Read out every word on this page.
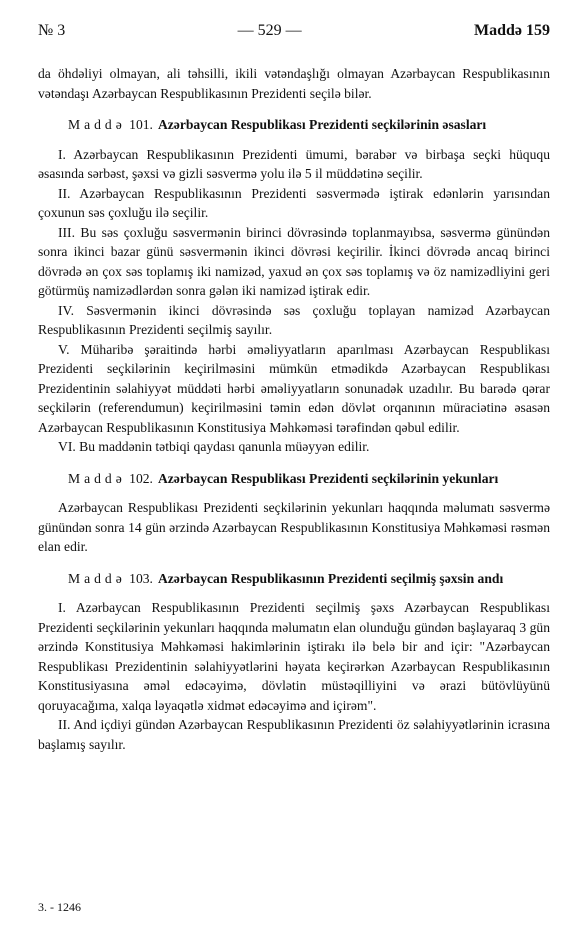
№ 3	— 529 —	Maddə 159

da öhdəliyi olmayan, ali təhsilli, ikili vətəndaşlığı olmayan Azərbaycan Respublikasının vətəndaşı Azərbaycan Respublikasının Prezidenti seçilə bilər.

Maddə 101. Azərbaycan Respublikası Prezidenti seçkilərinin əsasları

I. Azərbaycan Respublikasının Prezidenti ümumi, bərabər və birbaşa seçki hüququ əsasında sərbəst, şəxsi və gizli səsvermə yolu ilə 5 il müddətinə seçilir.

II. Azərbaycan Respublikasının Prezidenti səsvermədə iştirak edənlərin yarısından çoxunun səs çoxluğu ilə seçilir.

III. Bu səs çoxluğu səsvermənin birinci dövrəsində toplanmayıbsa, səsvermə günündən sonra ikinci bazar günü səsvermənin ikinci dövrəsi keçirilir. İkinci dövrədə ancaq birinci dövrədə ən çox səs toplamış iki namizəd, yaxud ən çox səs toplamış və öz namizədliyini geri götürmüş namizədlərdən sonra gələn iki namizəd iştirak edir.

IV. Səsvermənin ikinci dövrəsində səs çoxluğu toplayan namizəd Azərbaycan Respublikasının Prezidenti seçilmiş sayılır.

V. Müharibə şəraitində hərbi əməliyyatların aparılması Azərbaycan Respublikası Prezidenti seçkilərinin keçirilməsini mümkün etmədikdə Azərbaycan Respublikası Prezidentinin səlahiyyət müddəti hərbi əməliyyatların sonunadək uzadılır. Bu barədə qərar seçkilərin (referendumun) keçirilməsini təmin edən dövlət orqanının müraciətinə əsasən Azərbaycan Respublikasının Konstitusiya Məhkəməsi tərəfindən qəbul edilir.

VI. Bu maddənin tətbiqi qaydası qanunla müəyyən edilir.

Maddə 102. Azərbaycan Respublikası Prezidenti seçkilərinin yekunları

Azərbaycan Respublikası Prezidenti seçkilərinin yekunları haqqında məlumatı səsvermə günündən sonra 14 gün ərzində Azərbaycan Respublikasının Konstitusiya Məhkəməsi rəsmən elan edir.

Maddə 103. Azərbaycan Respublikasının Prezidenti seçilmiş şəxsin andı

I. Azərbaycan Respublikasının Prezidenti seçilmiş şəxs Azərbaycan Respublikası Prezidenti seçkilərinin yekunları haqqında məlumatın elan olunduğu gündən başlayaraq 3 gün ərzində Konstitusiya Məhkəməsi hakimlərinin iştirakı ilə belə bir and içir: "Azərbaycan Respublikası Prezidentinin səlahiyyətlərini həyata keçirərkən Azərbaycan Respublikasının Konstitusiyasına əməl edəcəyimə, dövlətin müstəqilliyini və ərazi bütövlüyünü qoruyacağıma, xalqa ləyaqətlə xidmət edəcəyimə and içirəm".

II. And içdiyi gündən Azərbaycan Respublikasının Prezidenti öz səlahiyyətlərinin icrasına başlamış sayılır.

3. - 1246
